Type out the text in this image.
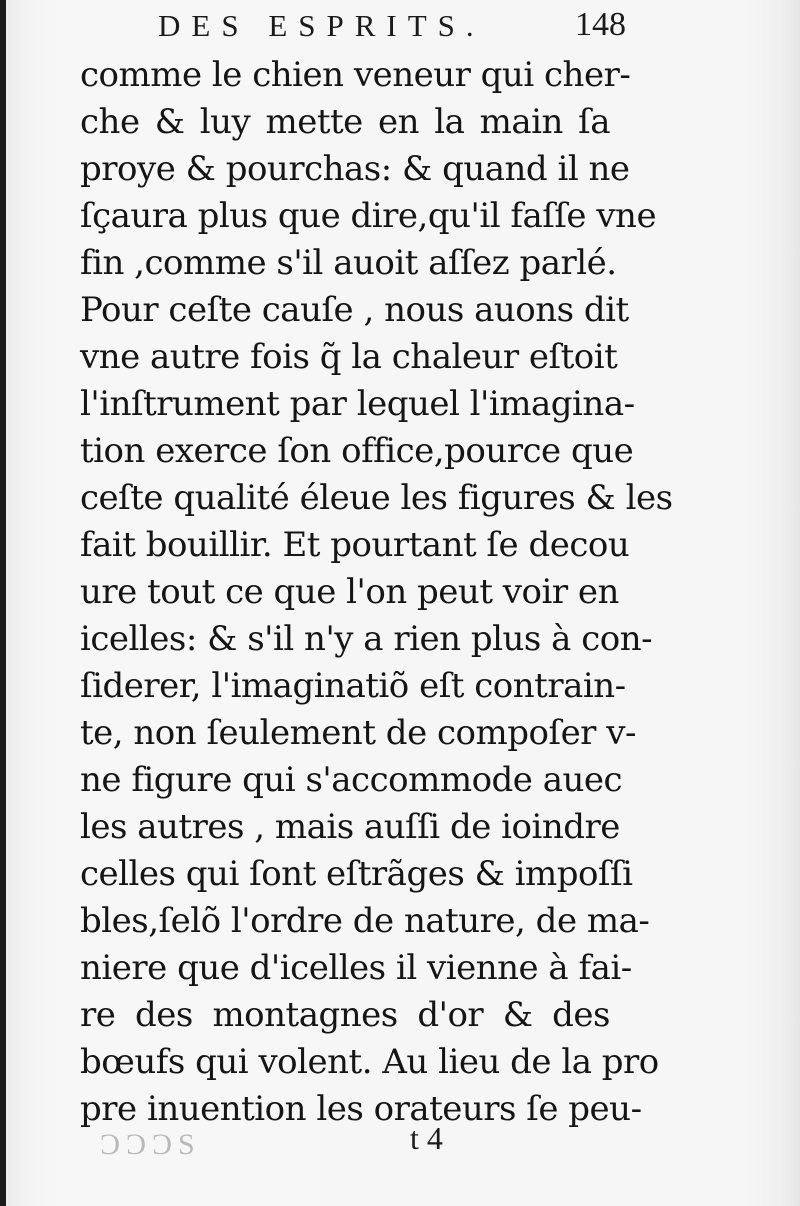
DES ESPRITS.	148
comme le chien veneur qui cher-
che & luy mette en la main ſa
proye & pourchas: & quand il ne
ſçaura plus que dire,qu'il faſſe vne
fin ,comme s'il auoit aſſez parlé.
Pour ceſte cauſe , nous auons dit
vne autre fois q̃ la chaleur eſtoit
l'inſtrument par lequel l'imagina-
tion exerce ſon office,pource que
ceſte qualité éleue les figures & les
fait bouillir. Et pourtant ſe decou
ure tout ce que l'on peut voir en
icelles: & s'il n'y a rien plus à con-
ſiderer, l'imaginatiõ eſt contrain-
te, non ſeulement de compoſer v-
ne figure qui s'accommode auec
les autres , mais auſſi de ioindre
celles qui ſont eſtrãges & impoſſi
bles,ſelõ l'ordre de nature, de ma-
niere que d'icelles il vienne à fai-
re des montagnes d'or & des
bœufs qui volent. Au lieu de la pro
pre inuention les orateurs ſe peu-
ƆƆƆS	t 4
